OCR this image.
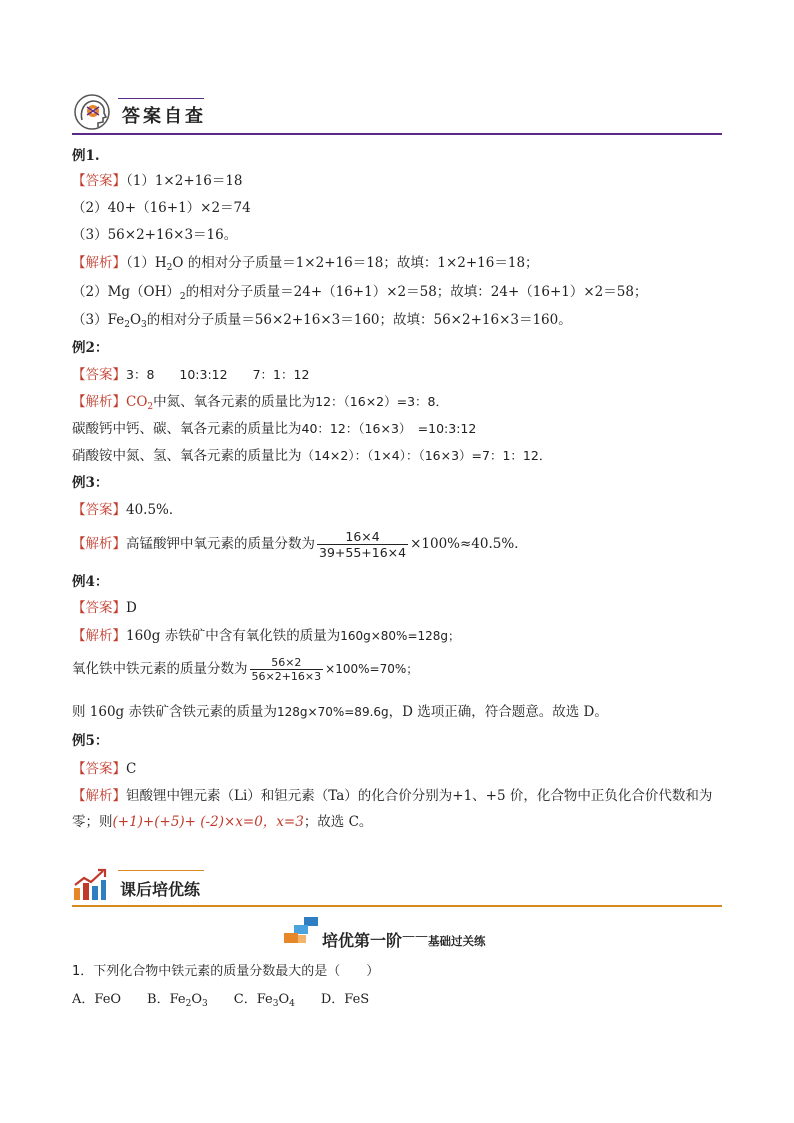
答案自查
例1.
【答案】（1）1×2+16＝18
（2）40+（16+1）×2＝74
（3）56×2+16×3＝16。
【解析】$(1)H_2O$ 的相对分子质量＝1×2+16＝18；故填：1×2+16＝18；
$(2)Mg(OH)_2$的相对分子质量＝24+（16+1）×2＝58；故填：24+（16+1）×2＝58；
$(3)Fe_2O_3$的相对分子质量＝56×2+16×3＝160；故填：56×2+16×3＝160。
例2：
【答案】3：8　　10:3:12　　7：1：12
【解析】$CO_2$中氮、氧各元素的质量比为12：（16×2）=3：8．
碳酸钙中钙、碳、氧各元素的质量比为40：12：（16×3）　=10:3:12
硝酸铵中氮、氢、氧各元素的质量比为（14×2）：（1×4）：（16×3）=7：1：12．
例3：
【答案】40.5%．
【解析】高锰酸钾中氧元素的质量分数为 $\frac{16\times 4}{39+55+16\times 4} \times 100\%\approx 40.5\%$．
例4：
【答案】D
【解析】160g 赤铁矿中含有氧化铁的质量为160g×80%=128g；
氧化铁中铁元素的质量分数为 $\frac{56\times 2}{56\times 2+16\times 3} \times 100\%=70\%$；
则 160g 赤铁矿含铁元素的质量为128g×70%=89.6g，D 选项正确，符合题意。故选 D。
例5：
【答案】C
【解析】钽酸锂中锂元素（Li）和钽元素（Ta）的化合价分别为+1、+5 价，化合物中正负化合价代数和为
零；则(+1)+(+5)+ (-2)×x=0，x=3；故选 C。
课后培优练
培优第一阶 —— 基础过关练
1．下列化合物中铁元素的质量分数最大的是（　　）
A．FeO　　B．$Fe_2O_3$　　C．$Fe_3O_4$　　D．FeS
